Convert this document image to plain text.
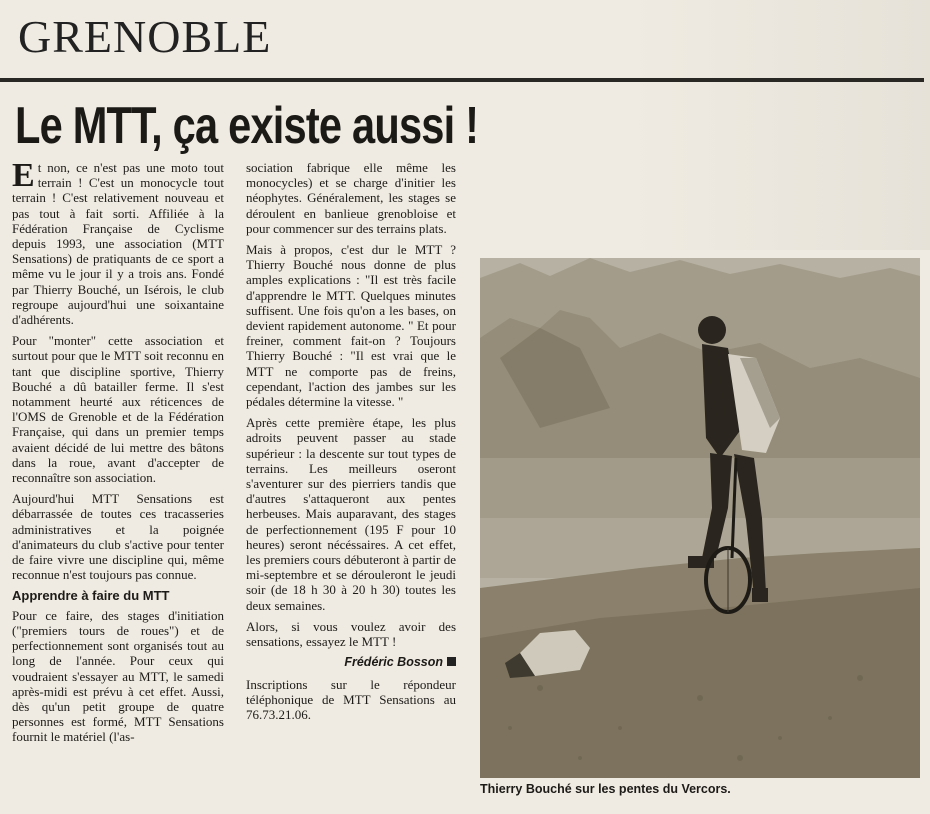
GRENOBLE
Le MTT, ça existe aussi !

Et non, ce n'est pas une moto tout terrain ! C'est un monocycle tout terrain ! C'est relativement nouveau et pas tout à fait sorti. Affiliée à la Fédération Française de Cyclisme depuis 1993, une association (MTT Sensations) de pratiquants de ce sport a même vu le jour il y a trois ans. Fondé par Thierry Bouché, un Isérois, le club regroupe aujourd'hui une soixantaine d'adhérents.

Pour "monter" cette association et surtout pour que le MTT soit reconnu en tant que discipline sportive, Thierry Bouché a dû batailler ferme. Il s'est notamment heurté aux réticences de l'OMS de Grenoble et de la Fédération Française, qui dans un premier temps avaient décidé de lui mettre des bâtons dans la roue, avant d'accepter de reconnaître son association.

Aujourd'hui MTT Sensations est débarrassée de toutes ces tracasseries administratives et la poignée d'animateurs du club s'active pour tenter de faire vivre une discipline qui, même reconnue n'est toujours pas connue.

Apprendre à faire du MTT

Pour ce faire, des stages d'initiation ("premiers tours de roues") et de perfectionnement sont organisés tout au long de l'année. Pour ceux qui voudraient s'essayer au MTT, le samedi après-midi est prévu à cet effet. Aussi, dès qu'un petit groupe de quatre personnes est formé, MTT Sensations fournit le matériel (l'as-

sociation fabrique elle même les monocycles) et se charge d'initier les néophytes. Généralement, les stages se déroulent en banlieue grenobloise et pour commencer sur des terrains plats.

Mais à propos, c'est dur le MTT ? Thierry Bouché nous donne de plus amples explications : "Il est très facile d'apprendre le MTT. Quelques minutes suffisent. Une fois qu'on a les bases, on devient rapidement autonome. " Et pour freiner, comment fait-on ? Toujours Thierry Bouché : "Il est vrai que le MTT ne comporte pas de freins, cependant, l'action des jambes sur les pédales détermine la vitesse. "

Après cette première étape, les plus adroits peuvent passer au stade supérieur : la descente sur tout types de terrains. Les meilleurs oseront s'aventurer sur des pierriers tandis que d'autres s'attaqueront aux pentes herbeuses. Mais auparavant, des stages de perfectionnement (195 F pour 10 heures) seront nécéssaires. A cet effet, les premiers cours débuteront à partir de mi-septembre et se dérouleront le jeudi soir (de 18 h 30 à 20 h 30) toutes les deux semaines.

Alors, si vous voulez avoir des sensations, essayez le MTT !

Frédéric Bosson

Inscriptions sur le répondeur téléphonique de MTT Sensations au 76.73.21.06.

Thierry Bouché sur les pentes du Vercors.
